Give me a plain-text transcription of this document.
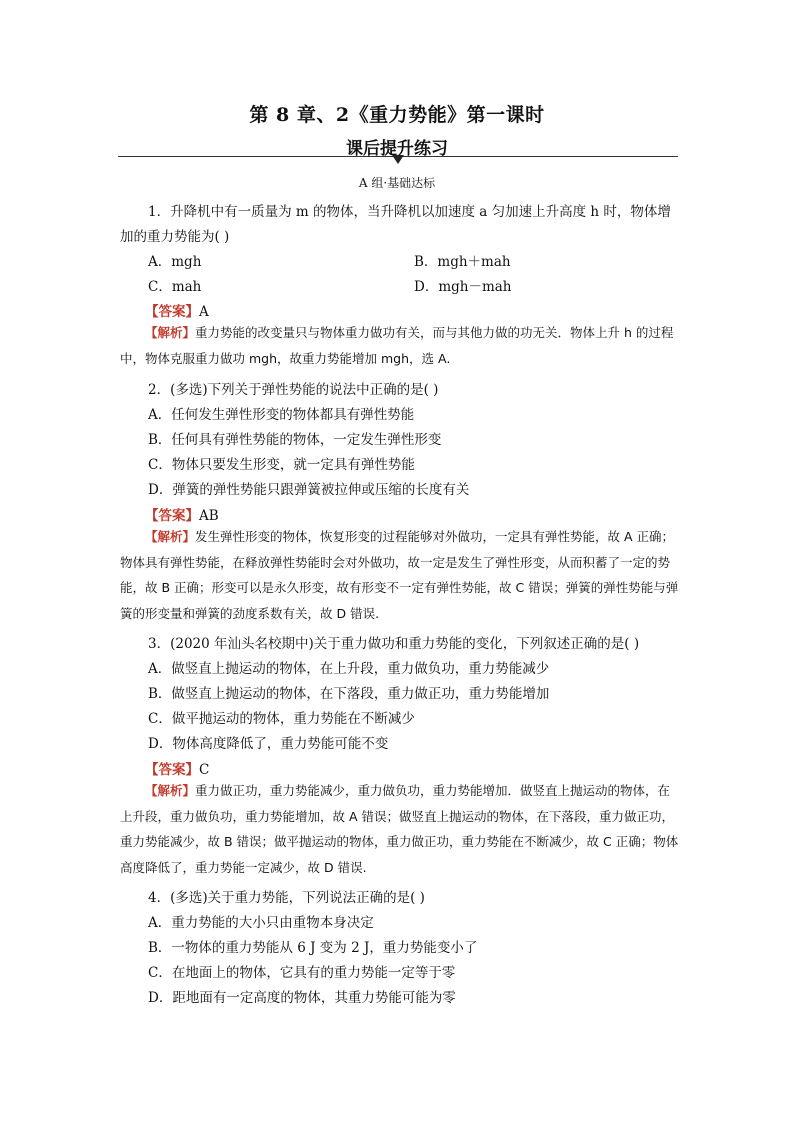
第 8 章、2《重力势能》第一课时
课后提升练习
A 组·基础达标
1．升降机中有一质量为 m 的物体，当升降机以加速度 a 匀加速上升高度 h 时，物体增
加的重力势能为( )
A．mgh	B．mgh＋mah
C．mah	D．mgh－mah
【答案】A
【解析】重力势能的改变量只与物体重力做功有关，而与其他力做的功无关．物体上升 h 的过程中，物体克服重力做功 mgh，故重力势能增加 mgh，选 A.
2．(多选)下列关于弹性势能的说法中正确的是( )
A．任何发生弹性形变的物体都具有弹性势能
B．任何具有弹性势能的物体，一定发生弹性形变
C．物体只要发生形变，就一定具有弹性势能
D．弹簧的弹性势能只跟弹簧被拉伸或压缩的长度有关
【答案】AB
【解析】发生弹性形变的物体，恢复形变的过程能够对外做功，一定具有弹性势能，故 A 正确；物体具有弹性势能，在释放弹性势能时会对外做功，故一定是发生了弹性形变，从而积蓄了一定的势能，故 B 正确；形变可以是永久形变，故有形变不一定有弹性势能，故 C 错误；弹簧的弹性势能与弹簧的形变量和弹簧的劲度系数有关，故 D 错误.
3．(2020 年汕头名校期中)关于重力做功和重力势能的变化，下列叙述正确的是( )
A．做竖直上抛运动的物体，在上升段，重力做负功，重力势能减少
B．做竖直上抛运动的物体，在下落段，重力做正功，重力势能增加
C．做平抛运动的物体，重力势能在不断减少
D．物体高度降低了，重力势能可能不变
【答案】C
【解析】重力做正功，重力势能减少，重力做负功，重力势能增加．做竖直上抛运动的物体，在上升段，重力做负功，重力势能增加，故 A 错误；做竖直上抛运动的物体，在下落段，重力做正功，重力势能减少，故 B 错误；做平抛运动的物体，重力做正功，重力势能在不断减少，故 C 正确；物体高度降低了，重力势能一定减少，故 D 错误.
4．(多选)关于重力势能，下列说法正确的是( )
A．重力势能的大小只由重物本身决定
B．一物体的重力势能从 6 J 变为 2 J，重力势能变小了
C．在地面上的物体，它具有的重力势能一定等于零
D．距地面有一定高度的物体，其重力势能可能为零
